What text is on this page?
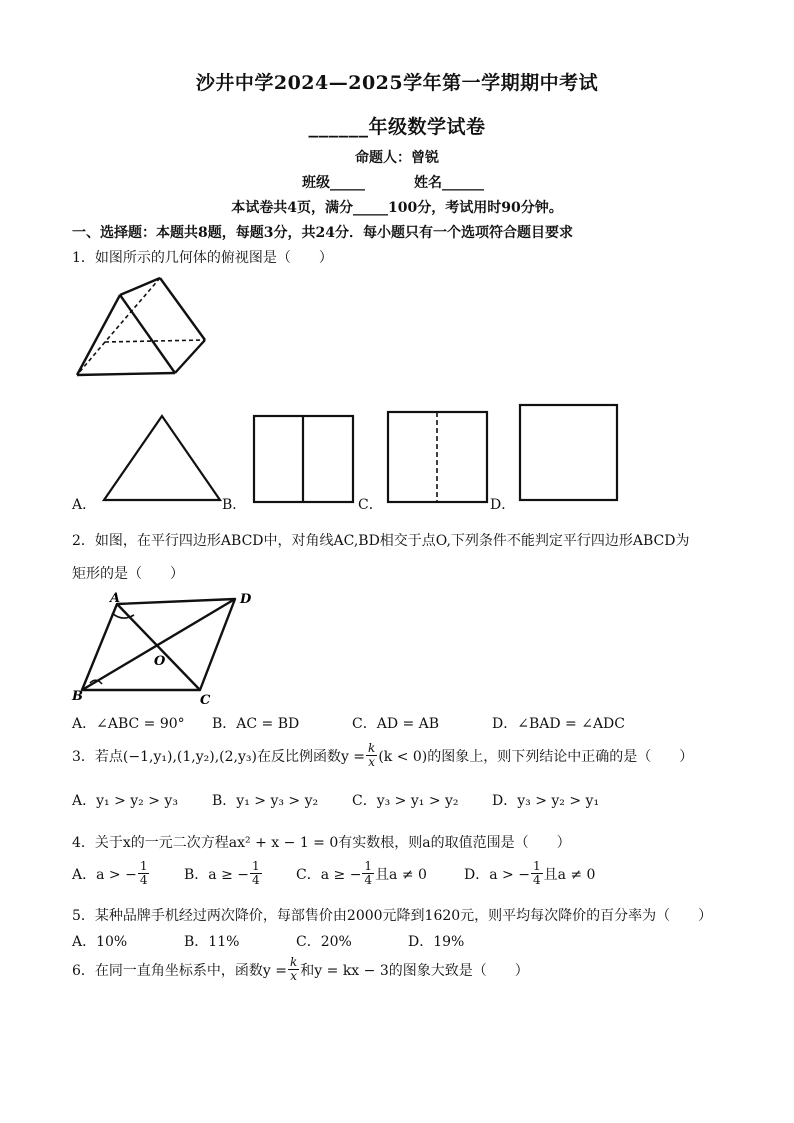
沙井中学2024—2025学年第一学期期中考试
______年级数学试卷
命题人：曾锐
班级_____	姓名______
本试卷共4页，满分_____100分，考试用时90分钟。
一、选择题：本题共8题，每题3分，共24分．每小题只有一个选项符合题目要求
1．如图所示的几何体的俯视图是（　　）
A．	B．	C．	D．
2．如图，在平行四边形ABCD中，对角线AC,BD相交于点O,下列条件不能判定平行四边形ABCD为
矩形的是（　　）
A	D
O
B	C
A．∠ABC = 90° B．AC = BD	C．AD = AB	D．∠BAD = ∠ADC
3．若点(−1,y₁),(1,y₂),(2,y₃)在反比例函数$y = \frac{k}{x} (k < 0)$的图象上，则下列结论中正确的是（　　）
A．y₁ > y₂ > y₃ B．y₁ > y₃ > y₂ C．y₃ > y₁ > y₂ D．y₃ > y₂ > y₁
4．关于x的一元二次方程ax² + x − 1 = 0有实数根，则a的取值范围是（　　）
A．a > − $\frac{1}{4}$ B．a ≥ − $\frac{1}{4}$ C．a ≥ − $\frac{1}{4}$ 且a ≠ 0	D．a > − $\frac{1}{4}$ 且a ≠ 0
5．某种品牌手机经过两次降价，每部售价由2000元降到1620元，则平均每次降价的百分率为（　　）
A．10%	B．11%	C．20%	D．19%
6．在同一直角坐标系中，函数$y = \frac{k}{x}$ 和y = kx − 3的图象大致是（　　）
